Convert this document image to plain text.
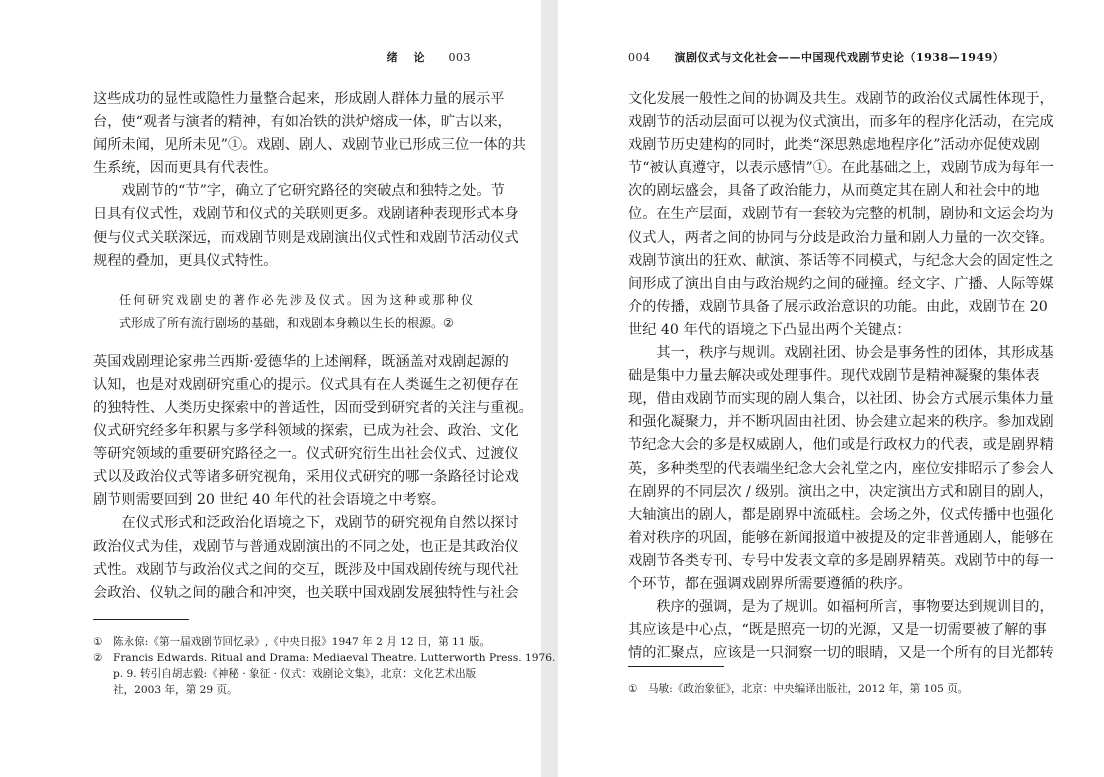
绪 论 003
这些成功的显性或隐性力量整合起来，形成剧人群体力量的展示平
台，使“观者与演者的精神，有如冶铁的洪炉熔成一体，旷古以来，
闻所未闻，见所未见”①。戏剧、剧人、戏剧节业已形成三位一体的共
生系统，因而更具有代表性。
　　戏剧节的“节”字，确立了它研究路径的突破点和独特之处。节
日具有仪式性，戏剧节和仪式的关联则更多。戏剧诸种表现形式本身
便与仪式关联深远，而戏剧节则是戏剧演出仪式性和戏剧节活动仪式
规程的叠加，更具仪式特性。
任何研究戏剧史的著作必先涉及仪式。因为这种或那种仪
式形成了所有流行剧场的基础，和戏剧本身赖以生长的根源。②
英国戏剧理论家弗兰西斯·爱德华的上述阐释，既涵盖对戏剧起源的
认知，也是对戏剧研究重心的提示。仪式具有在人类诞生之初便存在
的独特性、人类历史探索中的普适性，因而受到研究者的关注与重视。
仪式研究经多年积累与多学科领域的探索，已成为社会、政治、文化
等研究领域的重要研究路径之一。仪式研究衍生出社会仪式、过渡仪
式以及政治仪式等诸多研究视角，采用仪式研究的哪一条路径讨论戏
剧节则需要回到 20 世纪 40 年代的社会语境之中考察。
　　在仪式形式和泛政治化语境之下，戏剧节的研究视角自然以探讨
政治仪式为佳，戏剧节与普通戏剧演出的不同之处，也正是其政治仪
式性。戏剧节与政治仪式之间的交互，既涉及中国戏剧传统与现代社
会政治、仪轨之间的融合和冲突，也关联中国戏剧发展独特性与社会
① 陈永倞:《第一届戏剧节回忆录》,《中央日报》1947 年 2 月 12 日，第 11 版。
② Francis Edwards. Ritual and Drama: Mediaeval Theatre. Lutterworth Press. 1976.
p. 9. 转引自胡志毅:《神秘 · 象征 · 仪式：戏剧论文集》，北京：文化艺术出版
社，2003 年，第 29 页。
004 演剧仪式与文化社会——中国现代戏剧节史论（1938—1949）
文化发展一般性之间的协调及共生。戏剧节的政治仪式属性体现于，
戏剧节的活动层面可以视为仪式演出，而多年的程序化活动，在完成
戏剧节历史建构的同时，此类“深思熟虑地程序化”活动亦促使戏剧
节“被认真遵守，以表示感情”①。在此基础之上，戏剧节成为每年一
次的剧坛盛会，具备了政治能力，从而奠定其在剧人和社会中的地
位。在生产层面，戏剧节有一套较为完整的机制，剧协和文运会均为
仪式人，两者之间的协同与分歧是政治力量和剧人力量的一次交锋。
戏剧节演出的狂欢、献演、茶话等不同模式，与纪念大会的固定性之
间形成了演出自由与政治规约之间的碰撞。经文字、广播、人际等媒
介的传播，戏剧节具备了展示政治意识的功能。由此，戏剧节在 20
世纪 40 年代的语境之下凸显出两个关键点：
　　其一，秩序与规训。戏剧社团、协会是事务性的团体，其形成基
础是集中力量去解决或处理事件。现代戏剧节是精神凝聚的集体表
现，借由戏剧节而实现的剧人集合，以社团、协会方式展示集体力量
和强化凝聚力，并不断巩固由社团、协会建立起来的秩序。参加戏剧
节纪念大会的多是权威剧人，他们或是行政权力的代表，或是剧界精
英，多种类型的代表端坐纪念大会礼堂之内，座位安排昭示了参会人
在剧界的不同层次 / 级别。演出之中，决定演出方式和剧目的剧人，
大轴演出的剧人，都是剧界中流砥柱。会场之外，仪式传播中也强化
着对秩序的巩固，能够在新闻报道中被提及的定非普通剧人，能够在
戏剧节各类专刊、专号中发表文章的多是剧界精英。戏剧节中的每一
个环节，都在强调戏剧界所需要遵循的秩序。
　　秩序的强调，是为了规训。如福柯所言，事物要达到规训目的，
其应该是中心点，“既是照亮一切的光源，又是一切需要被了解的事
情的汇聚点，应该是一只洞察一切的眼睛，又是一个所有的目光都转
① 马敏:《政治象征》，北京：中央编译出版社，2012 年，第 105 页。
